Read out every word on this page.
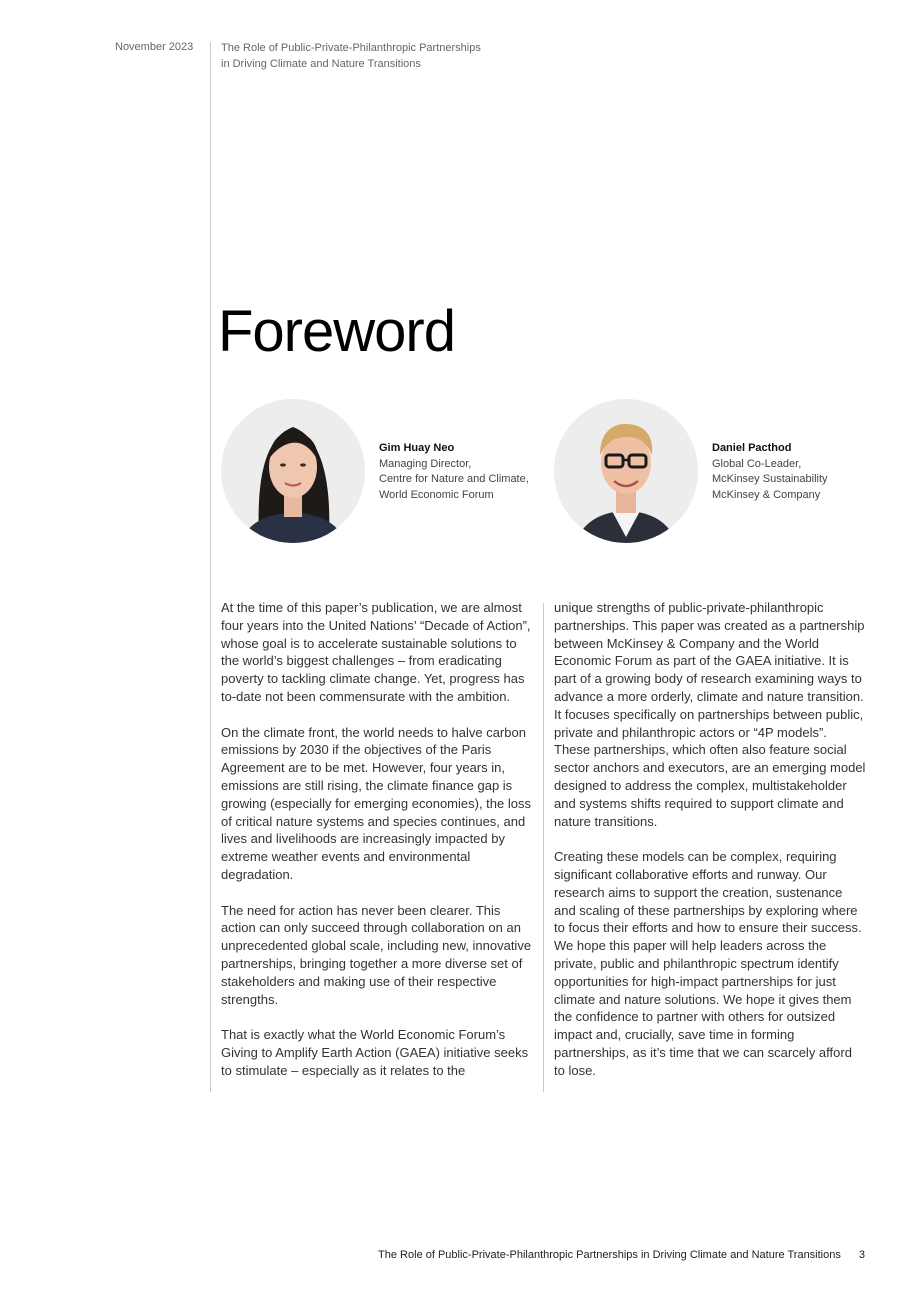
November 2023	The Role of Public-Private-Philanthropic Partnerships
in Driving Climate and Nature Transitions
Foreword
Gim Huay Neo
Managing Director,
Centre for Nature and Climate,
World Economic Forum
Daniel Pacthod
Global Co-Leader,
McKinsey Sustainability
McKinsey & Company

At the time of this paper’s publication, we are almost four years into the United Nations’ “Decade of Action”, whose goal is to accelerate sustainable solutions to the world’s biggest challenges – from eradicating poverty to tackling climate change. Yet, progress has to-date not been commensurate with the ambition.

On the climate front, the world needs to halve carbon emissions by 2030 if the objectives of the Paris Agreement are to be met. However, four years in, emissions are still rising, the climate finance gap is growing (especially for emerging economies), the loss of critical nature systems and species continues, and lives and livelihoods are increasingly impacted by extreme weather events and environmental degradation.

The need for action has never been clearer. This action can only succeed through collaboration on an unprecedented global scale, including new, innovative partnerships, bringing together a more diverse set of stakeholders and making use of their respective strengths.

That is exactly what the World Economic Forum’s Giving to Amplify Earth Action (GAEA) initiative seeks to stimulate – especially as it relates to the

unique strengths of public-private-philanthropic partnerships. This paper was created as a partnership between McKinsey & Company and the World Economic Forum as part of the GAEA initiative. It is part of a growing body of research examining ways to advance a more orderly, climate and nature transition. It focuses specifically on partnerships between public, private and philanthropic actors or “4P models”. These partnerships, which often also feature social sector anchors and executors, are an emerging model designed to address the complex, multistakeholder and systems shifts required to support climate and nature transitions.

Creating these models can be complex, requiring significant collaborative efforts and runway. Our research aims to support the creation, sustenance and scaling of these partnerships by exploring where to focus their efforts and how to ensure their success. We hope this paper will help leaders across the private, public and philanthropic spectrum identify opportunities for high-impact partnerships for just climate and nature solutions. We hope it gives them the confidence to partner with others for outsized impact and, crucially, save time in forming partnerships, as it’s time that we can scarcely afford to lose.

The Role of Public-Private-Philanthropic Partnerships in Driving Climate and Nature Transitions 3
